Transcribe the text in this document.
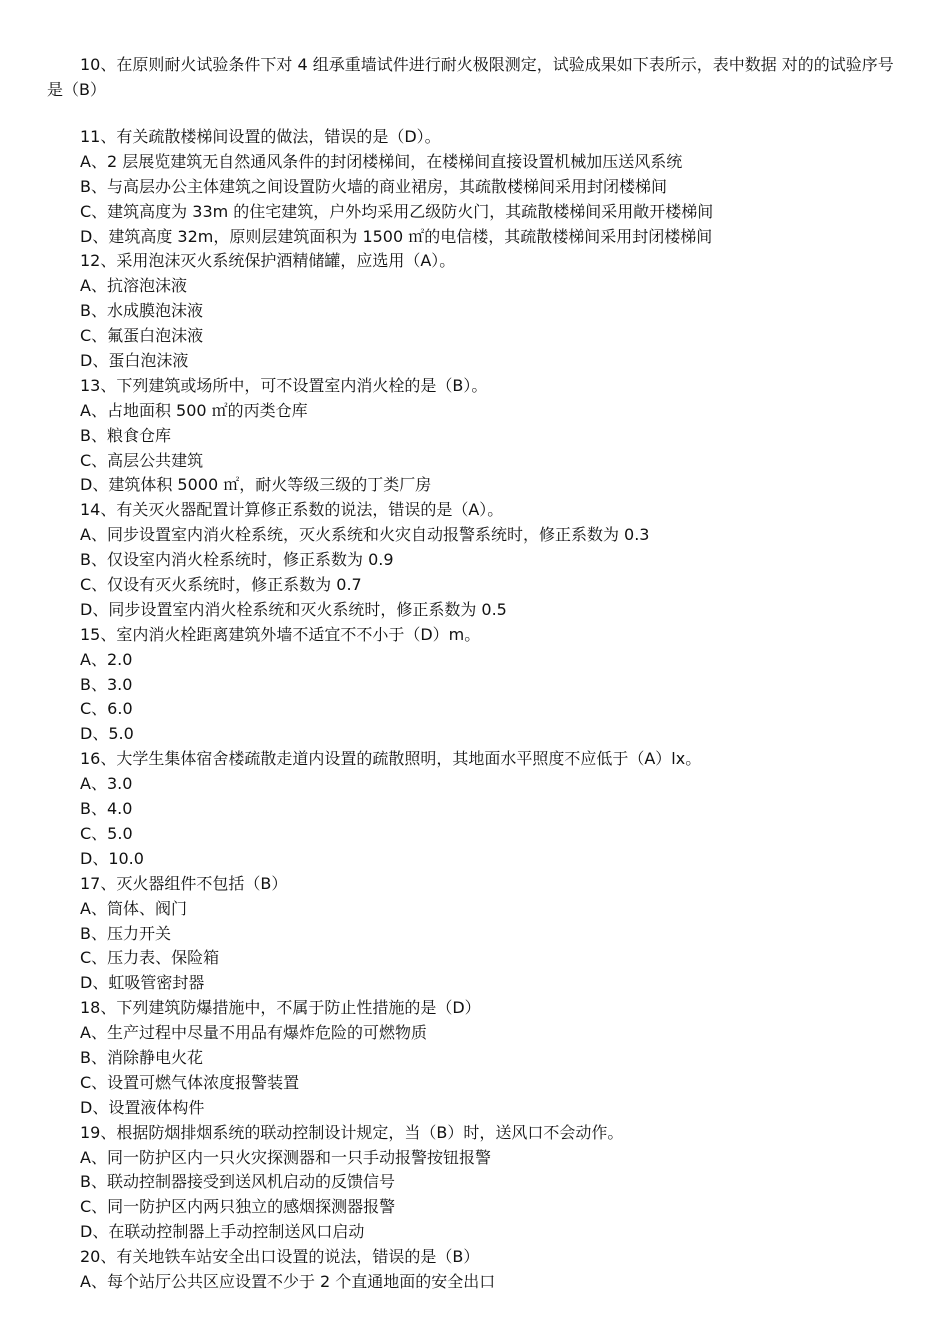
10、在原则耐火试验条件下对 4 组承重墙试件进行耐火极限测定，试验成果如下表所示，表中数据 对的的试验序号是（B）
11、有关疏散楼梯间设置的做法，错误的是（D）。
A、2 层展览建筑无自然通风条件的封闭楼梯间，在楼梯间直接设置机械加压送风系统
B、与高层办公主体建筑之间设置防火墙的商业裙房，其疏散楼梯间采用封闭楼梯间
C、建筑高度为 33m 的住宅建筑，户外均采用乙级防火门，其疏散楼梯间采用敞开楼梯间
D、建筑高度 32m，原则层建筑面积为 1500 ㎡的电信楼，其疏散楼梯间采用封闭楼梯间
12、采用泡沫灭火系统保护酒精储罐，应选用（A）。
A、抗溶泡沫液
B、水成膜泡沫液
C、氟蛋白泡沫液
D、蛋白泡沫液
13、下列建筑或场所中，可不设置室内消火栓的是（B）。
A、占地面积 500 ㎡的丙类仓库
B、粮食仓库
C、高层公共建筑
D、建筑体积 5000 ㎡，耐火等级三级的丁类厂房
14、有关灭火器配置计算修正系数的说法，错误的是（A）。
A、同步设置室内消火栓系统，灭火系统和火灾自动报警系统时，修正系数为 0.3
B、仅设室内消火栓系统时，修正系数为 0.9
C、仅设有灭火系统时，修正系数为 0.7
D、同步设置室内消火栓系统和灭火系统时，修正系数为 0.5
15、室内消火栓距离建筑外墙不适宜不不小于（D）m。
A、2.0
B、3.0
C、6.0
D、5.0
16、大学生集体宿舍楼疏散走道内设置的疏散照明，其地面水平照度不应低于（A）lx。
A、3.0
B、4.0
C、5.0
D、10.0
17、灭火器组件不包括（B）
A、筒体、阀门
B、压力开关
C、压力表、保险箱
D、虹吸管密封器
18、下列建筑防爆措施中，不属于防止性措施的是（D）
A、生产过程中尽量不用品有爆炸危险的可燃物质
B、消除静电火花
C、设置可燃气体浓度报警装置
D、设置液体构件
19、根据防烟排烟系统的联动控制设计规定，当（B）时，送风口不会动作。
A、同一防护区内一只火灾探测器和一只手动报警按钮报警
B、联动控制器接受到送风机启动的反馈信号
C、同一防护区内两只独立的感烟探测器报警
D、在联动控制器上手动控制送风口启动
20、有关地铁车站安全出口设置的说法，错误的是（B）
A、每个站厅公共区应设置不少于 2 个直通地面的安全出口
